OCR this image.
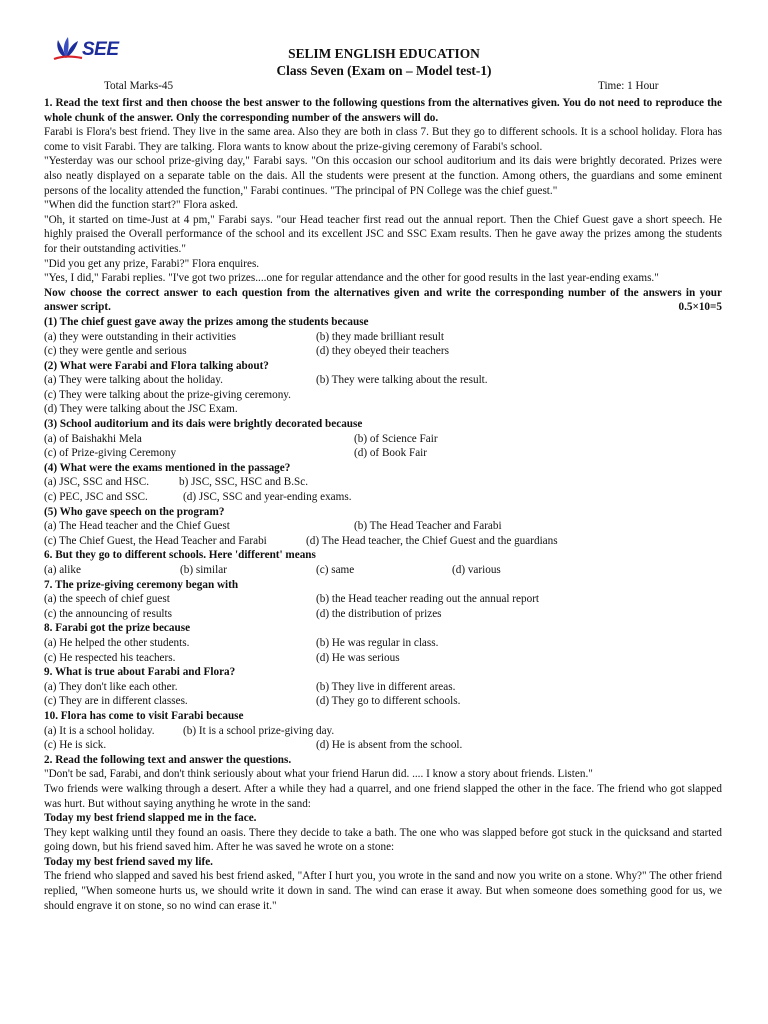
SEE	SELIM ENGLISH EDUCATION
Class Seven (Exam on – Model test-1)
Total Marks-45	Time: 1 Hour

1. Read the text first and then choose the best answer to the following questions from the alternatives given. You do not need to reproduce the whole chunk of the answer. Only the corresponding number of the answers will do.

Farabi is Flora's best friend. They live in the same area. Also they are both in class 7. But they go to different schools. It is a school holiday. Flora has come to visit Farabi. They are talking. Flora wants to know about the prize-giving ceremony of Farabi's school.

"Yesterday was our school prize-giving day," Farabi says. "On this occasion our school auditorium and its dais were brightly decorated. Prizes were also neatly displayed on a separate table on the dais. All the students were present at the function. Among others, the guardians and some eminent persons of the locality attended the function," Farabi continues. "The principal of PN College was the chief guest."

"When did the function start?" Flora asked.

"Oh, it started on time-Just at 4 pm," Farabi says. "our Head teacher first read out the annual report. Then the Chief Guest gave a short speech. He highly praised the Overall performance of the school and its excellent JSC and SSC Exam results. Then he gave away the prizes among the students for their outstanding activities."

"Did you get any prize, Farabi?" Flora enquires.

"Yes, I did," Farabi replies. "I've got two prizes....one for regular attendance and the other for good results in the last year-ending exams."

Now choose the correct answer to each question from the alternatives given and write the corresponding number of the answers in your answer script.	0.5×10=5

(1) The chief guest gave away the prizes among the students because

(a) they were outstanding in their activities	(b) they made brilliant result
(c) they were gentle and serious	(d) they obeyed their teachers

(2) What were Farabi and Flora talking about?

(a) They were talking about the holiday.	(b) They were talking about the result.
(c) They were talking about the prize-giving ceremony.
(d) They were talking about the JSC Exam.

(3) School auditorium and its dais were brightly decorated because

(a) of Baishakhi Mela	(b) of Science Fair
(c) of Prize-giving Ceremony	(d) of Book Fair

(4) What were the exams mentioned in the passage?

(a) JSC, SSC and HSC.	b) JSC, SSC, HSC and B.Sc.
(c) PEC, JSC and SSC.	(d) JSC, SSC and year-ending exams.

(5) Who gave speech on the program?

(a) The Head teacher and the Chief Guest	(b) The Head Teacher and Farabi
(c) The Chief Guest, the Head Teacher and Farabi	(d) The Head teacher, the Chief Guest and the guardians

6. But they go to different schools. Here 'different' means

(a) alike	(b) similar	(c) same	(d) various

7. The prize-giving ceremony began with

(a) the speech of chief guest	(b) the Head teacher reading out the annual report
(c) the announcing of results	(d) the distribution of prizes

8. Farabi got the prize because

(a) He helped the other students.	(b) He was regular in class.
(c) He respected his teachers.	(d) He was serious

9. What is true about Farabi and Flora?

(a) They don't like each other.	(b) They live in different areas.
(c) They are in different classes.	(d) They go to different schools.

10. Flora has come to visit Farabi because

(a) It is a school holiday.	(b) It is a school prize-giving day.
(c) He is sick.	(d) He is absent from the school.

2. Read the following text and answer the questions.

"Don't be sad, Farabi, and don't think seriously about what your friend Harun did. .... I know a story about friends. Listen."

Two friends were walking through a desert. After a while they had a quarrel, and one friend slapped the other in the face. The friend who got slapped was hurt. But without saying anything he wrote in the sand:

Today my best friend slapped me in the face.

They kept walking until they found an oasis. There they decide to take a bath. The one who was slapped before got stuck in the quicksand and started going down, but his friend saved him. After he was saved he wrote on a stone:

Today my best friend saved my life.

The friend who slapped and saved his best friend asked, "After I hurt you, you wrote in the sand and now you write on a stone. Why?" The other friend replied, "When someone hurts us, we should write it down in sand. The wind can erase it away. But when someone does something good for us, we should engrave it on stone, so no wind can erase it."
